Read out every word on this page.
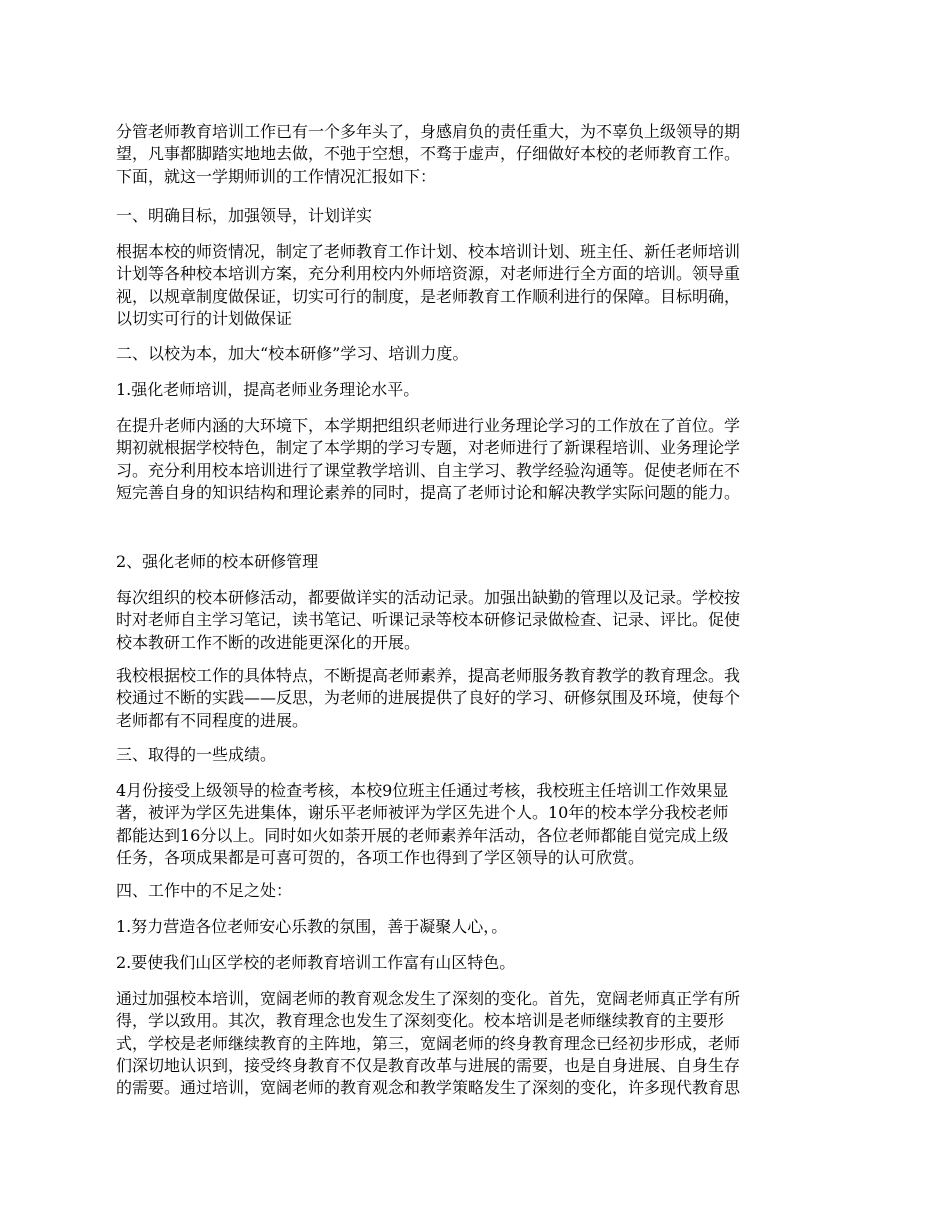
分管老师教育培训工作已有一个多年头了，身感肩负的责任重大，为不辜负上级领导的期
望，凡事都脚踏实地地去做，不弛于空想，不骛于虚声，仔细做好本校的老师教育工作。
下面，就这一学期师训的工作情况汇报如下：

一、明确目标，加强领导，计划详实

根据本校的师资情况，制定了老师教育工作计划、校本培训计划、班主任、新任老师培训
计划等各种校本培训方案，充分利用校内外师培资源，对老师进行全方面的培训。领导重
视，以规章制度做保证，切实可行的制度，是老师教育工作顺利进行的保障。目标明确，
以切实可行的计划做保证

二、以校为本，加大“校本研修”学习、培训力度。

1.强化老师培训，提高老师业务理论水平。

在提升老师内涵的大环境下，本学期把组织老师进行业务理论学习的工作放在了首位。学
期初就根据学校特色，制定了本学期的学习专题，对老师进行了新课程培训、业务理论学
习。充分利用校本培训进行了课堂教学培训、自主学习、教学经验沟通等。促使老师在不
短完善自身的知识结构和理论素养的同时，提高了老师讨论和解决教学实际问题的能力。

2、强化老师的校本研修管理

每次组织的校本研修活动，都要做详实的活动记录。加强出缺勤的管理以及记录。学校按
时对老师自主学习笔记，读书笔记、听课记录等校本研修记录做检查、记录、评比。促使
校本教研工作不断的改进能更深化的开展。

我校根据校工作的具体特点，不断提高老师素养，提高老师服务教育教学的教育理念。我
校通过不断的实践——反思，为老师的进展提供了良好的学习、研修氛围及环境，使每个
老师都有不同程度的进展。

三、取得的一些成绩。

4月份接受上级领导的检查考核，本校9位班主任通过考核，我校班主任培训工作效果显
著，被评为学区先进集体，谢乐平老师被评为学区先进个人。10年的校本学分我校老师
都能达到16分以上。同时如火如荼开展的老师素养年活动，各位老师都能自觉完成上级
任务，各项成果都是可喜可贺的，各项工作也得到了学区领导的认可欣赏。

四、工作中的不足之处：

1.努力营造各位老师安心乐教的氛围，善于凝聚人心，。

2.要使我们山区学校的老师教育培训工作富有山区特色。

通过加强校本培训，宽阔老师的教育观念发生了深刻的变化。首先，宽阔老师真正学有所
得，学以致用。其次，教育理念也发生了深刻变化。校本培训是老师继续教育的主要形
式，学校是老师继续教育的主阵地，第三，宽阔老师的终身教育理念已经初步形成，老师
们深切地认识到，接受终身教育不仅是教育改革与进展的需要，也是自身进展、自身生存
的需要。通过培训，宽阔老师的教育观念和教学策略发生了深刻的变化，许多现代教育思
